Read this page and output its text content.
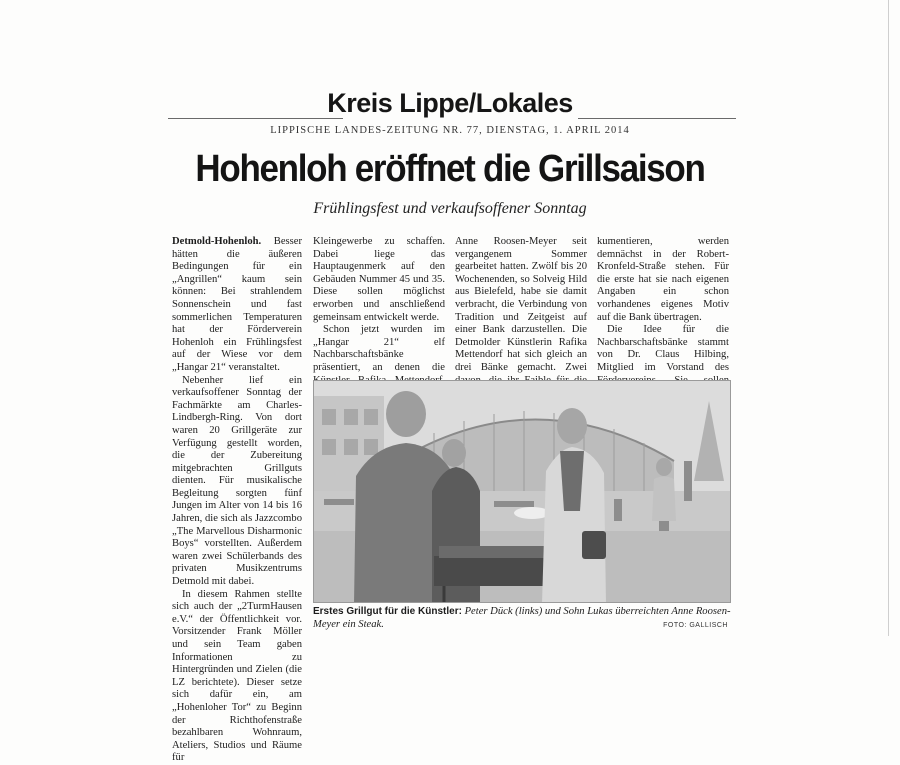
Kreis Lippe/Lokales
LIPPISCHE LANDES-ZEITUNG NR. 77, DIENSTAG, 1. APRIL 2014
Hohenloh eröffnet die Grillsaison
Frühlingsfest und verkaufsoffener Sonntag

Detmold-Hohenloh. Besser hätten die äußeren Bedingungen für ein „Angrillen“ kaum sein können: Bei strahlendem Sonnenschein und fast sommerlichen Temperaturen hat der Förderverein Hohenloh ein Frühlingsfest auf der Wiese vor dem „Hangar 21“ veranstaltet.

Nebenher lief ein verkaufsoffener Sonntag der Fachmärkte am Charles-Lindbergh-Ring. Von dort waren 20 Grillgeräte zur Verfügung gestellt worden, die der Zubereitung mitgebrachten Grillguts dienten. Für musikalische Begleitung sorgten fünf Jungen im Alter von 14 bis 16 Jahren, die sich als Jazzcombo „The Marvellous Disharmonic Boys“ vorstellten. Außerdem waren zwei Schülerbands des privaten Musikzentrums Detmold mit dabei.

In diesem Rahmen stellte sich auch der „2TurmHausen e.V.“ der Öffentlichkeit vor. Vorsitzender Frank Möller und sein Team gaben Informationen zu Hintergründen und Zielen (die LZ berichtete). Dieser setze sich dafür ein, am „Hohenloher Tor“ zu Beginn der Richthofenstraße bezahlbaren Wohnraum, Ateliers, Studios und Räume für

Kleingewerbe zu schaffen. Dabei liege das Hauptaugenmerk auf den Gebäuden Nummer 45 und 35. Diese sollen möglichst erworben und anschließend gemeinsam entwickelt werde.

Schon jetzt wurden im „Hangar 21“ elf Nachbarschaftsbänke präsentiert, an denen die

Anne Roosen-Meyer seit vergangenem Sommer gearbeitet hatten. Zwölf bis 20 Wochenenden, so Solveig Hild aus Bielefeld, habe sie damit verbracht, die Verbindung von Tradition und Zeitgeist auf einer Bank darzustellen. Die Detmolder Künstlerin Rafika Mettendorf hat sich gleich an drei Bänke gemacht. Zwei

kumentieren, werden demnächst in der Robert-Kronfeld-Straße stehen. Für die erste hat sie nach eigenen Angaben ein schon vorhandenes eigenes Motiv auf die Bank übertragen.

Die Idee für die Nachbarschaftsbänke stammt von Dr. Claus Hilbing, Mitglied im Vorstand des

Erstes Grillgut für die Künstler: Peter Dück (links) und Sohn Lukas überreichten Anne Roosen-Meyer ein Steak.	FOTO: GALLISCH
